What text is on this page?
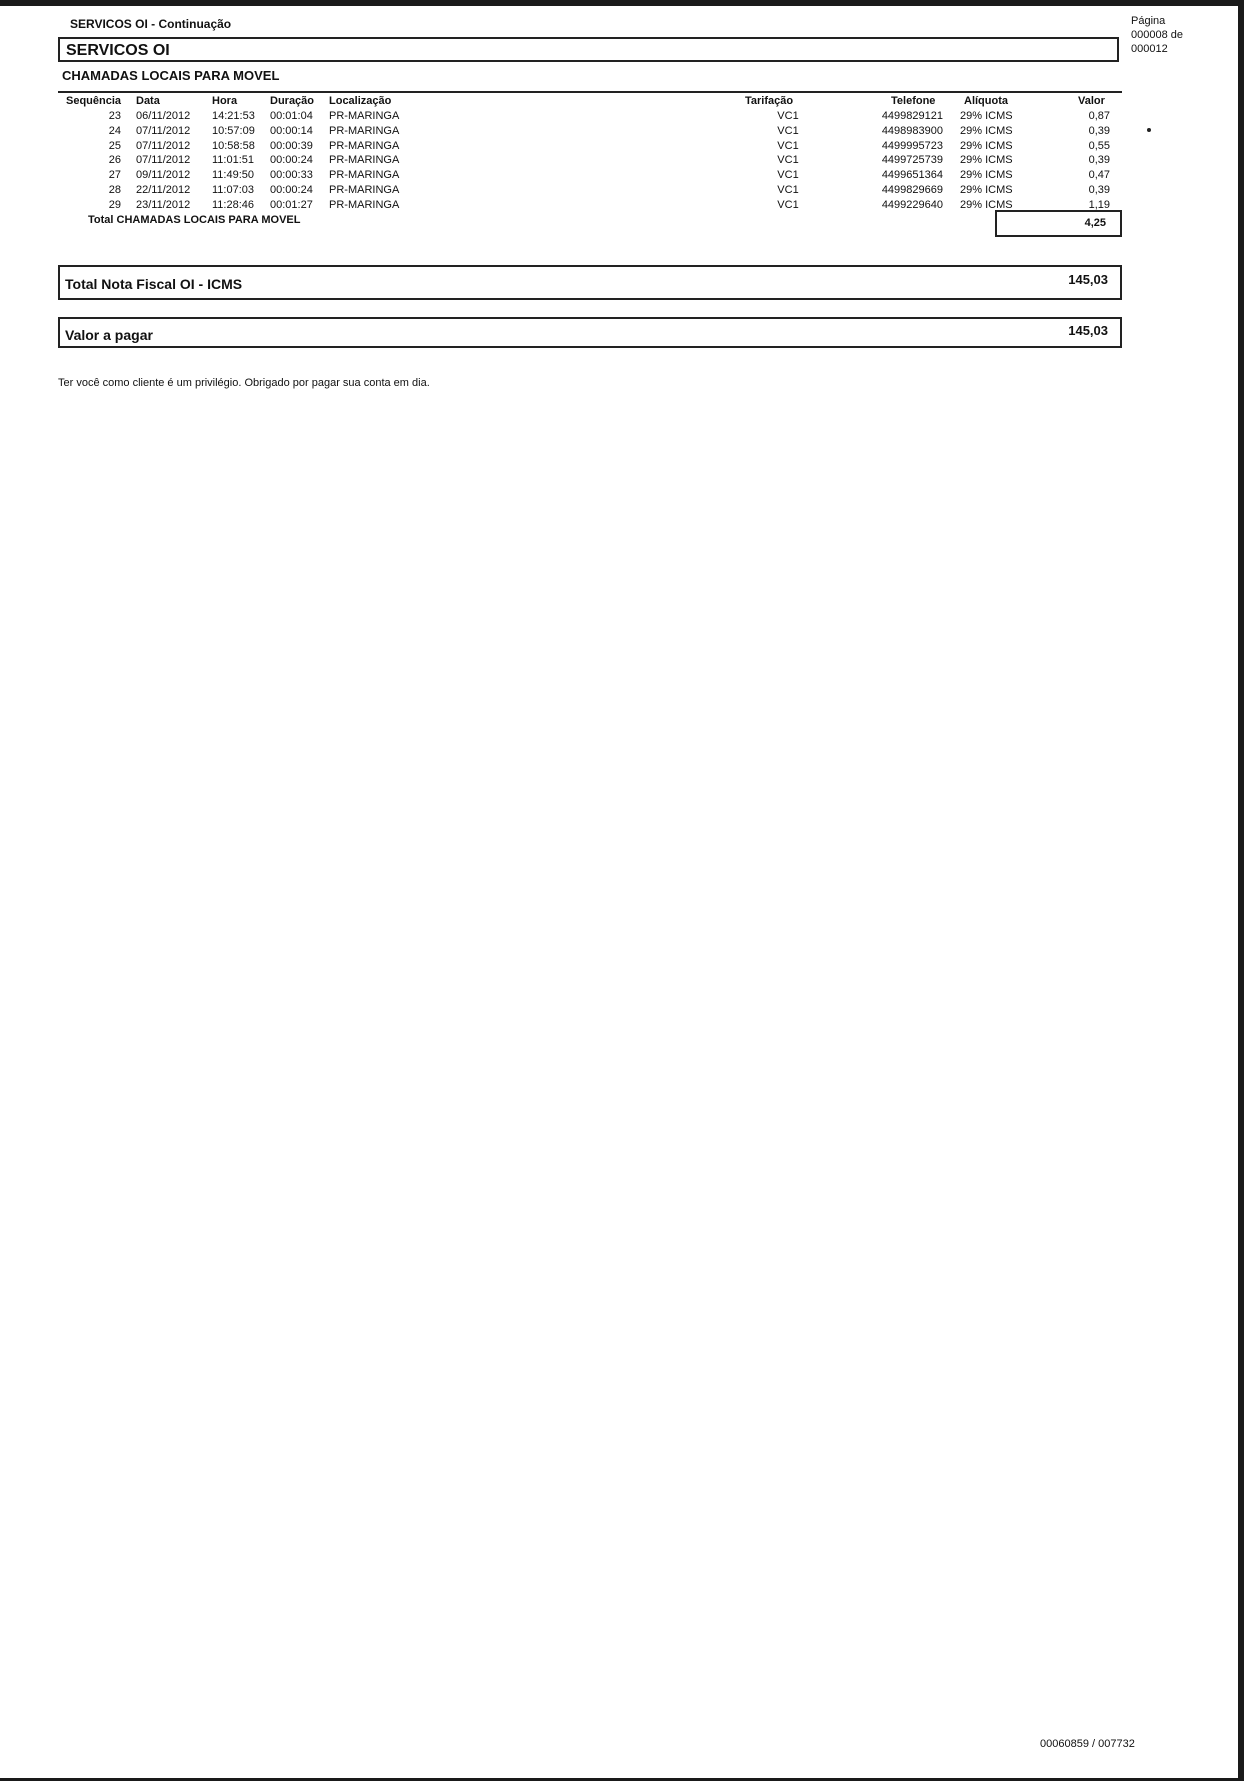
SERVICOS OI - Continuação	Página
000008 de
000012
SERVICOS OI
CHAMADAS LOCAIS PARA MOVEL
Sequência Data	Hora	Duração Localização	Tarifação	Telefone	Alíquota	Valor
23 06/11/2012 14:21:53 00:01:04 PR-MARINGA	VC1	4499829121 29% ICMS	0,87
24 07/11/2012 10:57:09 00:00:14 PR-MARINGA	VC1	4498983900 29% ICMS	0,39
25 07/11/2012 10:58:58 00:00:39 PR-MARINGA	VC1	4499995723 29% ICMS	0,55
26 07/11/2012 11:01:51 00:00:24 PR-MARINGA	VC1	4499725739 29% ICMS	0,39
27 09/11/2012 11:49:50 00:00:33 PR-MARINGA	VC1	4499651364 29% ICMS	0,47
28 22/11/2012 11:07:03 00:00:24 PR-MARINGA	VC1	4499829669 29% ICMS	0,39
29 23/11/2012 11:28:46 00:01:27 PR-MARINGA	VC1	4499229640 29% ICMS	1,19
Total CHAMADAS LOCAIS PARA MOVEL	4,25
Total Nota Fiscal OI - ICMS	145,03
Valor a pagar	145,03
Ter você como cliente é um privilégio. Obrigado por pagar sua conta em dia.
00060859 / 007732
